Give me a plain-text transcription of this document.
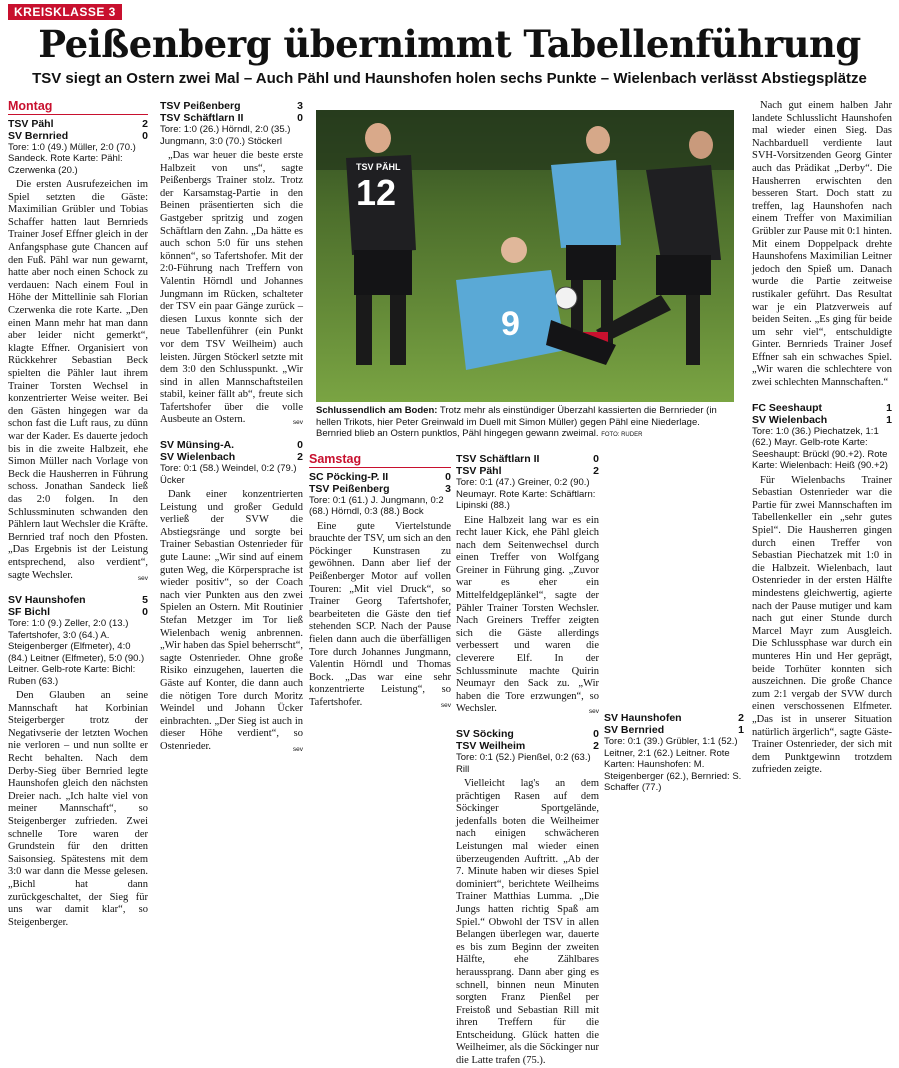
KREISKLASSE 3
Peißenberg übernimmt Tabellenführung
TSV siegt an Ostern zwei Mal – Auch Pähl und Haunshofen holen sechs Punkte – Wielenbach verlässt Abstiegsplätze
Montag
TSV Pähl	2
SV Bernried	0
Tore: 1:0 (49.) Müller, 2:0 (70.) Sandeck. Rote Karte: Pähl: Czerwenka (20.)

Die ersten Ausrufezeichen im Spiel setzten die Gäste: Maximilian Grübler und Tobias Schaffer hatten laut Bernrieds Trainer Josef Effner gleich in der Anfangsphase gute Chancen auf den Fuß. Pähl war nun gewarnt, hatte aber noch einen Schock zu verdauen: Nach einem Foul in Höhe der Mittellinie sah Florian Czerwenka die rote Karte. „Den einen Mann mehr hat man dann aber leider nicht gemerkt“, klagte Effner. Organisiert von Rückkehrer Sebastian Beck spielten die Pähler laut ihrem Trainer Torsten Wechsel in konzentrierter Weise weiter. Bei den Gästen hingegen war da schon fast die Luft raus, zu dünn war der Kader. Es dauerte jedoch bis in die zweite Halbzeit, ehe Simon Müller nach Vorlage von Beck die Hausherren in Führung schoss. Jonathan Sandeck ließ das 2:0 folgen. In den Schlussminuten schwanden den Pählern laut Wechsler die Kräfte. Bernried traf noch den Pfosten. „Das Ergebnis ist der Leistung entsprechend, also verdient“, sagte Wechsler.	sev

SV Haunshofen	5
SF Bichl	0
Tore: 1:0 (9.) Zeller, 2:0 (13.) Tafertshofer, 3:0 (64.) A. Steigenberger (Elfmeter), 4:0 (84.) Leitner (Elfmeter), 5:0 (90.) Leitner. Gelb-rote Karte: Bichl: Ruben (63.)

Den Glauben an seine Mannschaft hat Korbinian Steigerberger trotz der Negativserie der letzten Wochen nie verloren – und nun sollte er Recht behalten. Nach dem Derby-Sieg über Bernried legte Haunshofen gleich den nächsten Dreier nach. „Ich halte viel von meiner Mannschaft“, so Steigenberger zufrieden. Zwei schnelle Tore waren der Grundstein für den dritten Saisonsieg. Spätestens mit dem 3:0 war dann die Messe gelesen. „Bichl hat dann zurückgeschaltet, der Sieg für uns war damit klar“, so Steigenberger.

TSV Peißenberg	3
TSV Schäftlarn II	0
Tore: 1:0 (26.) Hörndl, 2:0 (35.) Jungmann, 3:0 (70.) Stöckerl

„Das war heuer die beste erste Halbzeit von uns“, sagte Peißenbergs Trainer stolz. Trotz der Karsamstag-Partie in den Beinen präsentierten sich die Gastgeber spritzig und zogen Schäftlarn den Zahn. „Da hätte es auch schon 5:0 für uns stehen können“, so Tafertshofer. Mit der 2:0-Führung nach Treffern von Valentin Hörndl und Johannes Jungmann im Rücken, schalteter der TSV ein paar Gänge zurück – diesen Luxus konnte sich der neue Tabellenführer (ein Punkt vor dem TSV Weilheim) auch leisten. Jürgen Stöckerl setzte mit dem 3:0 den Schlusspunkt. „Wir sind in allen Mannschaftsteilen stabil, keiner fällt ab“, freute sich Tafertshofer über die volle Ausbeute an Ostern.	sev

SV Münsing-A.	0
SV Wielenbach	2
Tore: 0:1 (58.) Weindel, 0:2 (79.) Ücker

Dank einer konzentrierten Leistung und großer Geduld verließ der SVW die Abstiegsränge und sorgte bei Trainer Sebastian Ostenrieder für gute Laune: „Wir sind auf einem guten Weg, die Körpersprache ist wieder positiv“, so der Coach nach vier Punkten aus den zwei Spielen an Ostern. Mit Routinier Stefan Metzger im Tor ließ Wielenbach wenig anbrennen. „Wir haben das Spiel beherrscht“, sagte Ostenrieder. Ohne große Risiko einzugehen, lauerten die Gäste auf Konter, die dann auch die nötigen Tore durch Moritz Weindel und Johann Ücker einbrachten. „Der Sieg ist auch in dieser Höhe verdient“, so Ostenrieder.	sev

12
TSV PÄHL
9
Schlussendlich am Boden: Trotz mehr als einstündiger Überzahl kassierten die Bernrieder (in hellen Trikots, hier Peter Greinwald im Duell mit Simon Müller) gegen Pähl eine Niederlage. Bernried blieb an Ostern punktlos, Pähl hingegen gewann zweimal. FOTO: RUDER
Samstag
SC Pöcking-P. II	0
TSV Peißenberg	3
Tore: 0:1 (61.) J. Jungmann, 0:2 (68.) Hörndl, 0:3 (88.) Bock

Eine gute Viertelstunde brauchte der TSV, um sich an den Pöckinger Kunstrasen zu gewöhnen. Dann aber lief der Peißenberger Motor auf vollen Touren: „Mit viel Druck“, so Trainer Georg Tafertshofer, bearbeiteten die Gäste den tief stehenden SCP. Nach der Pause fielen dann auch die überfälligen Tore durch Johannes Jungmann, Valentin Hörndl und Thomas Bock. „Das war eine sehr konzentrierte Leistung“, so Tafertshofer.	sev

TSV Schäftlarn II	0
TSV Pähl	2
Tore: 0:1 (47.) Greiner, 0:2 (90.) Neumayr. Rote Karte: Schäftlarn: Lipinski (88.)

Eine Halbzeit lang war es ein recht lauer Kick, ehe Pähl gleich nach dem Seitenwechsel durch einen Treffer von Wolfgang Greiner in Führung ging. „Zuvor war es eher ein Mittelfeldgeplänkel“, sagte der Pähler Trainer Torsten Wechsler. Nach Greiners Treffer zeigten sich die Gäste allerdings verbessert und waren die cleverere Elf. In der Schlussminute machte Quirin Neumayr den Sack zu. „Wir haben die Tore erzwungen“, so Wechsler.	sev

SV Söcking	0
TSV Weilheim	2
Tore: 0:1 (52.) Pienßel, 0:2 (63.) Rill

Vielleicht lag's an dem prächtigen Rasen auf dem Söckinger Sportgelände, jedenfalls boten die Weilheimer nach einigen schwächeren Leistungen mal wieder einen überzeugenden Auftritt. „Ab der 7. Minute haben wir dieses Spiel dominiert“, berichtete Weilheims Trainer Matthias Lumma. „Die Jungs hatten richtig Spaß am Spiel.“ Obwohl der TSV in allen Belangen überlegen war, dauerte es bis zum Beginn der zweiten Hälfte, ehe Zählbares heraussprang. Dann aber ging es schnell, binnen neun Minuten sorgten Franz Pienßel per Freistoß und Sebastian Rill mit ihren Treffern für die Entscheidung. Glück hatten die Weilheimer, als die Söckinger nur die Latte trafen (75.).

Nach gut einem halben Jahr landete Schlusslicht Haunshofen mal wieder einen Sieg. Das Nachbarduell verdiente laut SVH-Vorsitzenden Georg Ginter auch das Prädikat „Derby“. Die Hausherren erwischten den besseren Start. Doch statt zu treffen, lag Haunshofen nach einem Treffer von Maximilian Grübler zur Pause mit 0:1 hinten. Mit einem Doppelpack drehte Haunshofens Maximilian Leitner jedoch den Spieß um. Danach wurde die Partie zeitweise rustikaler geführt. Das Resultat war je ein Platzverweis auf beiden Seiten. „Es ging für beide um sehr viel“, entschuldigte Ginter. Bernrieds Trainer Josef Effner sah ein schwaches Spiel. „Wir waren die schlechtere von zwei schlechten Mannschaften.“

FC Seeshaupt	1
SV Wielenbach	1
Tore: 1:0 (36.) Piechatzek, 1:1 (62.) Mayr. Gelb-rote Karte: Seeshaupt: Brückl (90.+2). Rote Karte: Wielenbach: Heiß (90.+2)

Für Wielenbachs Trainer Sebastian Ostenrieder war die Partie für zwei Mannschaften im Tabellenkeller ein „sehr gutes Spiel“. Die Hausherren gingen durch einen Treffer von Sebastian Piechatzek mit 1:0 in die Halbzeit. Wielenbach, laut Ostenrieder in der ersten Hälfte mindestens gleichwertig, agierte nach der Pause mutiger und kam nach gut einer Stunde durch Marcel Mayr zum Ausgleich. Die Schlussphase war durch ein munteres Hin und Her geprägt, beide Torhüter konnten sich auszeichnen. Die große Chance zum 2:1 vergab der SVW durch einen verschossenen Elfmeter. „Das ist in unserer Situation natürlich ärgerlich“, sagte Gäste-Trainer Ostenrieder, der sich mit dem Punktgewinn trotzdem zufrieden zeigte.

SV Haunshofen	2
SV Bernried	1
Tore: 0:1 (39.) Grübler, 1:1 (52.) Leitner, 2:1 (62.) Leitner. Rote Karten: Haunshofen: M. Steigenberger (62.), Bernried: S. Schaffer (77.)
